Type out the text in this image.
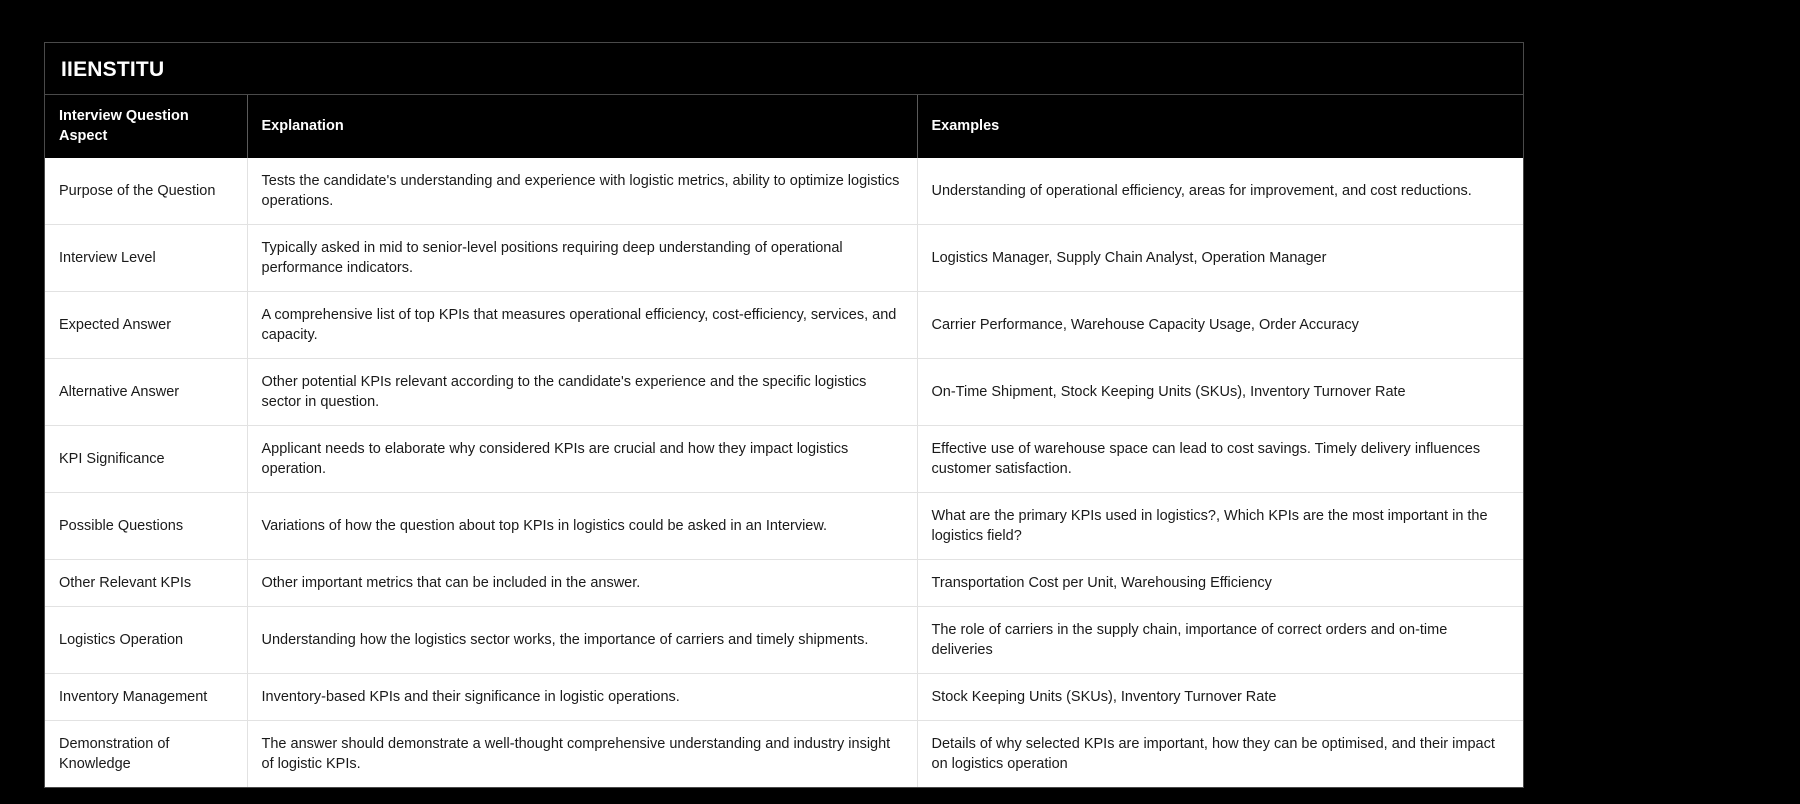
IIENSTITU
Interview Question Aspect	Explanation	Examples
Purpose of the Question	Tests the candidate's understanding and experience with logistic metrics, ability to optimize logistics operations.	Understanding of operational efficiency, areas for improvement, and cost reductions.
Interview Level	Typically asked in mid to senior-level positions requiring deep understanding of operational performance indicators.	Logistics Manager, Supply Chain Analyst, Operation Manager
Expected Answer	A comprehensive list of top KPIs that measures operational efficiency, cost-efficiency, services, and capacity.	Carrier Performance, Warehouse Capacity Usage, Order Accuracy
Alternative Answer	Other potential KPIs relevant according to the candidate's experience and the specific logistics sector in question.	On-Time Shipment, Stock Keeping Units (SKUs), Inventory Turnover Rate
KPI Significance	Applicant needs to elaborate why considered KPIs are crucial and how they impact logistics operation.	Effective use of warehouse space can lead to cost savings. Timely delivery influences customer satisfaction.
Possible Questions	Variations of how the question about top KPIs in logistics could be asked in an Interview.	What are the primary KPIs used in logistics?, Which KPIs are the most important in the logistics field?
Other Relevant KPIs	Other important metrics that can be included in the answer.	Transportation Cost per Unit, Warehousing Efficiency
Logistics Operation	Understanding how the logistics sector works, the importance of carriers and timely shipments.	The role of carriers in the supply chain, importance of correct orders and on-time deliveries
Inventory Management	Inventory-based KPIs and their significance in logistic operations.	Stock Keeping Units (SKUs), Inventory Turnover Rate
Demonstration of Knowledge	The answer should demonstrate a well-thought comprehensive understanding and industry insight of logistic KPIs.	Details of why selected KPIs are important, how they can be optimised, and their impact on logistics operation
